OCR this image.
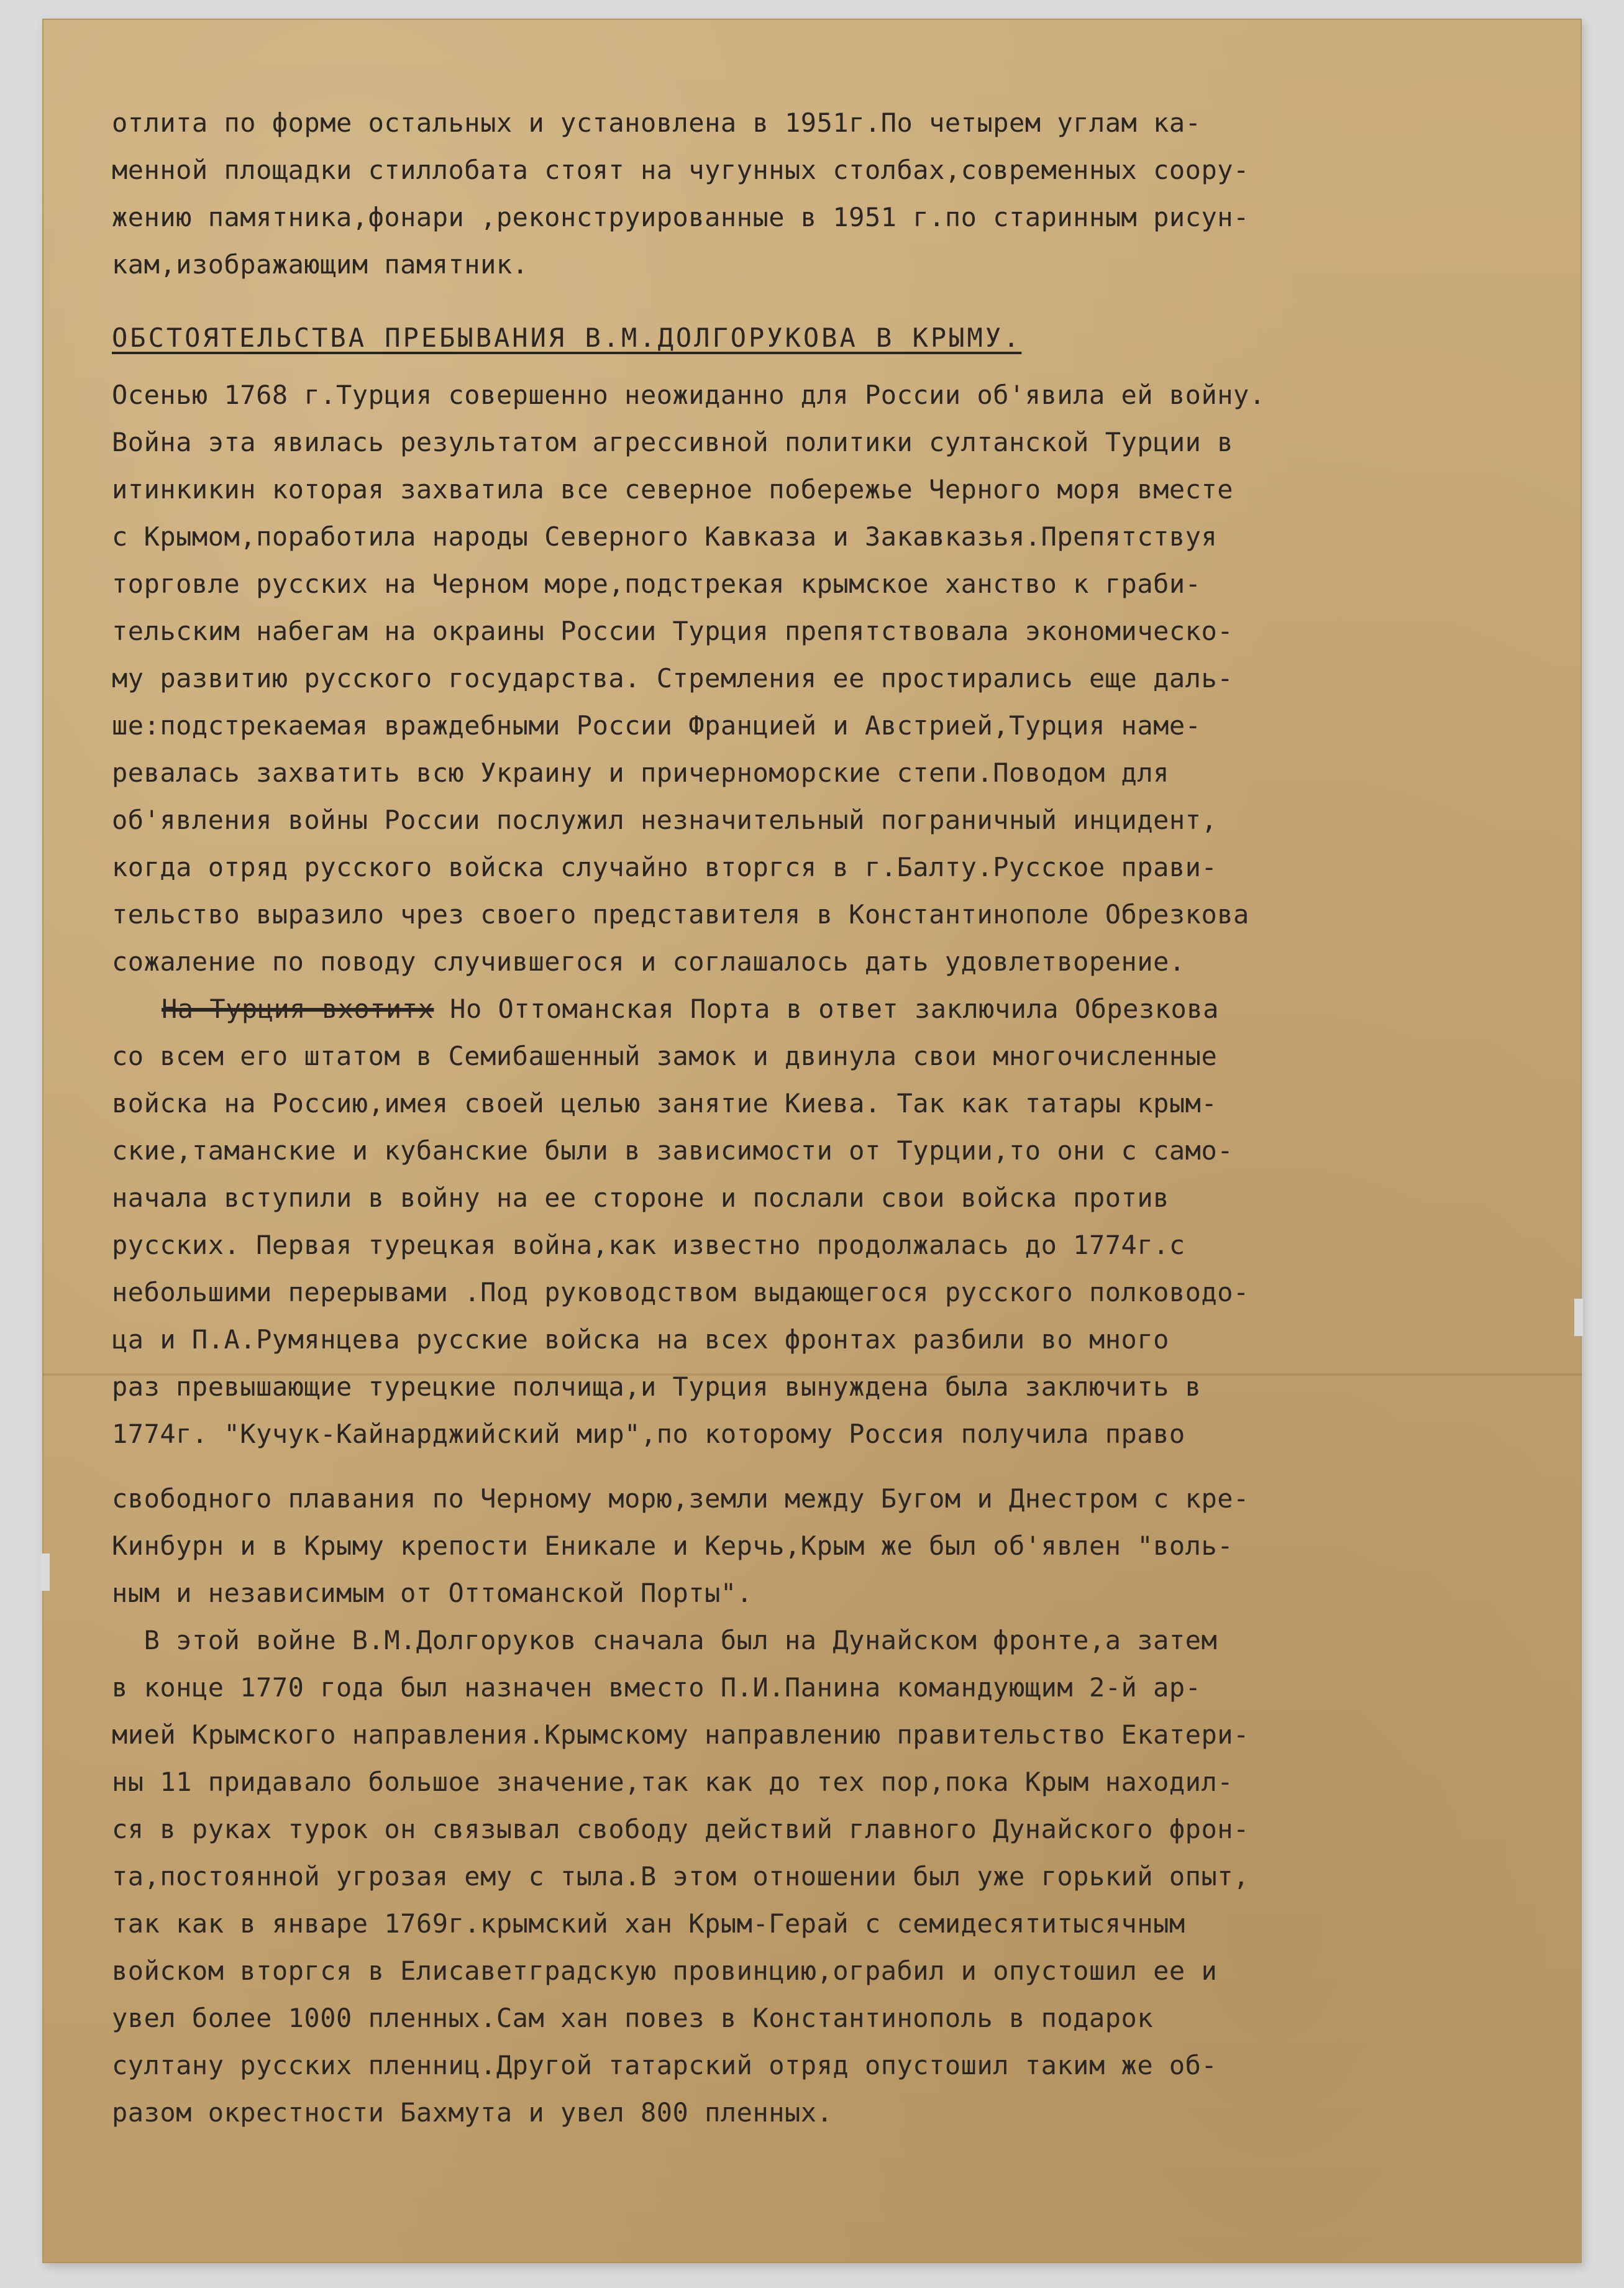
отлита по форме остальных и установлена в 1951г.По четырем углам ка-
менной площадки стиллобата стоят на чугунных столбах,современных соору-
жению памятника,фонари ,реконструированные в 1951 г.по старинным рисун-
кам,изображающим памятник.
ОБСТОЯТЕЛЬСТВА ПРЕБЫВАНИЯ В.М.ДОЛГОРУКОВА В КРЫМУ.
Осенью 1768 г.Турция совершенно неожиданно для России об'явила ей войну.
Война эта явилась результатом агрессивной политики султанской Турции в
итинкикин которая захватила все северное побережье Черного моря вместе
с Крымом,поработила народы Северного Кавказа и Закавказья.Препятствуя
торговле русских на Черном море,подстрекая крымское ханство к граби-
тельским набегам на окраины России Турция препятствовала экономическо-
му развитию русского государства. Стремления ее простирались еще даль-
ше:подстрекаемая враждебными России Францией и Австрией,Турция наме-
ревалась захватить всю Украину и причерноморские степи.Поводом для
об'явления войны России послужил незначительный пограничный инцидент,
когда отряд русского войска случайно вторгся в г.Балту.Русское прави-
тельство выразило чрез своего представителя в Константинополе Обрезкова
сожаление по поводу случившегося и соглашалось дать удовлетворение.
На Турция вхотитх Но Оттоманская Порта в ответ заключила Обрезкова
со всем его штатом в Семибашенный замок и двинула свои многочисленные
войска на Россию,имея своей целью занятие Киева. Так как татары крым-
ские,таманские и кубанские были в зависимости от Турции,то они с само-
начала вступили в войну на ее стороне и послали свои войска против
русских. Первая турецкая война,как известно продолжалась до 1774г.с
небольшими перерывами .Под руководством выдающегося русского полководо-
ца и П.А.Румянцева русские войска на всех фронтах разбили во много
раз превышающие турецкие полчища,и Турция вынуждена была заключить в
1774г. "Кучук-Кайнарджийский мир",по которому Россия получила право
свободного плавания по Черному морю,земли между Бугом и Днестром с кре-
Кинбурн и в Крыму крепости Еникале и Керчь,Крым же был об'явлен "воль-
ным и независимым от Оттоманской Порты".
В этой войне В.М.Долгоруков сначала был на Дунайском фронте,а затем
в конце 1770 года был назначен вместо П.И.Панина командующим 2-й ар-
мией Крымского направления.Крымскому направлению правительство Екатери-
ны 11 придавало большое значение,так как до тех пор,пока Крым находил-
ся в руках турок он связывал свободу действий главного Дунайского фрон-
та,постоянной угрозая ему с тыла.В этом отношении был уже горький опыт,
так как в январе 1769г.крымский хан Крым-Герай с семидесятитысячным
войском вторгся в Елисаветградскую провинцию,ограбил и опустошил ее и
увел более 1000 пленных.Сам хан повез в Константинополь в подарок
султану русских пленниц.Другой татарский отряд опустошил таким же об-
разом окрестности Бахмута и увел 800 пленных.
